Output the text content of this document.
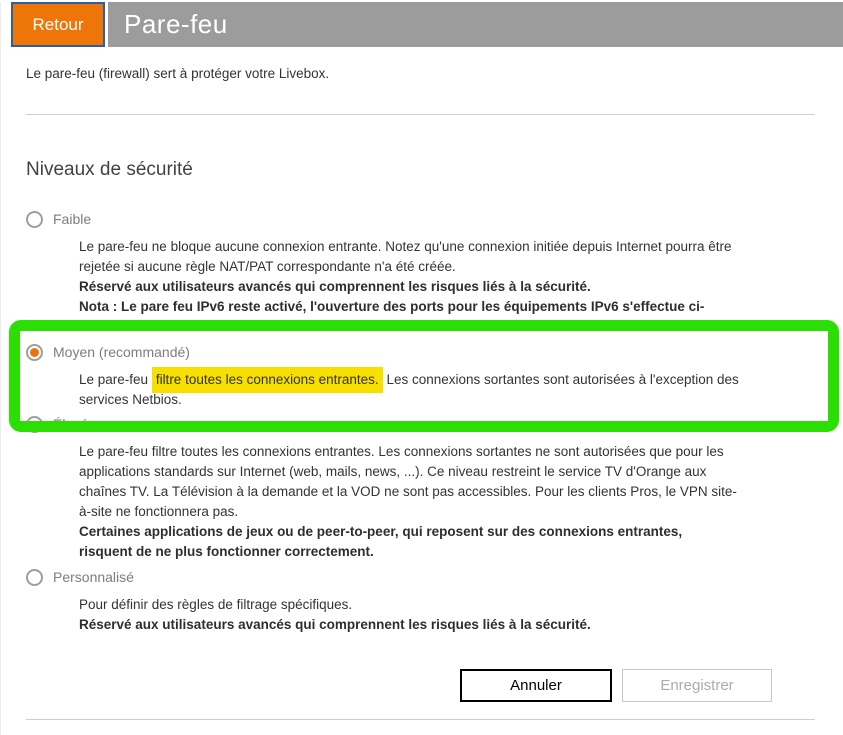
Pare-feu
Retour
Le pare-feu (firewall) sert à protéger votre Livebox.
Niveaux de sécurité
Faible
Le pare-feu ne bloque aucune connexion entrante. Notez qu'une connexion initiée depuis Internet pourra être
rejetée si aucune règle NAT/PAT correspondante n'a été créée.
Réservé aux utilisateurs avancés qui comprennent les risques liés à la sécurité.
Nota : Le pare feu IPv6 reste activé, l'ouverture des ports pour les équipements IPv6 s'effectue ci-
Moyen (recommandé)
Le pare-feu filtre toutes les connexions entrantes. Les connexions sortantes sont autorisées à l'exception des
services Netbios.
Élevé
Le pare-feu filtre toutes les connexions entrantes. Les connexions sortantes ne sont autorisées que pour les
applications standards sur Internet (web, mails, news, ...). Ce niveau restreint le service TV d'Orange aux
chaînes TV. La Télévision à la demande et la VOD ne sont pas accessibles. Pour les clients Pros, le VPN site-
à-site ne fonctionnera pas.
Certaines applications de jeux ou de peer-to-peer, qui reposent sur des connexions entrantes,
risquent de ne plus fonctionner correctement.
Personnalisé
Pour définir des règles de filtrage spécifiques.
Réservé aux utilisateurs avancés qui comprennent les risques liés à la sécurité.
Annuler	Enregistrer
